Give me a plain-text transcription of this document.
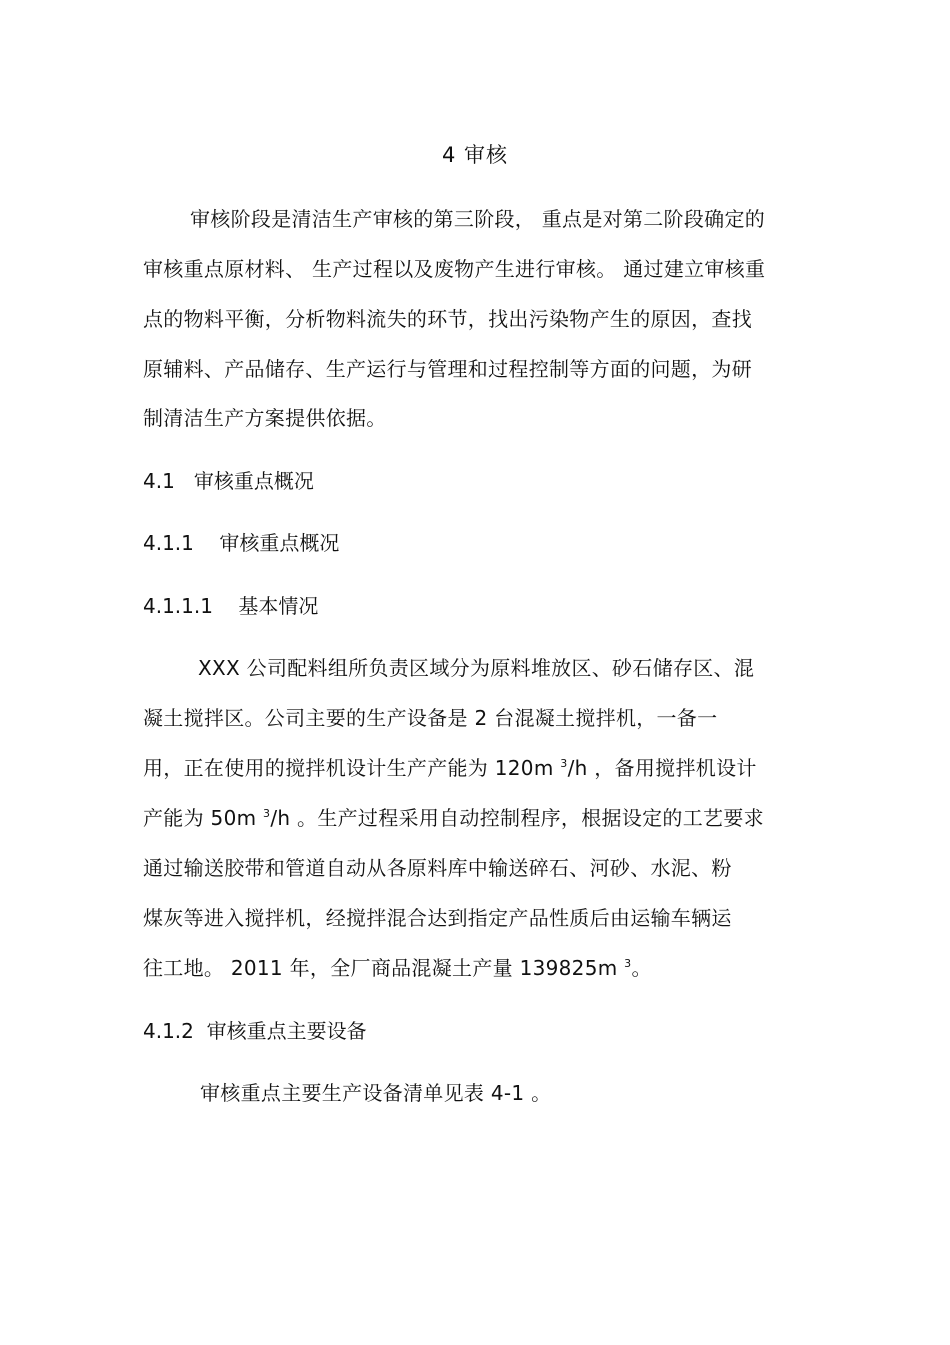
4 审核
审核阶段是清洁生产审核的第三阶段， 重点是对第二阶段确定的
审核重点原材料、 生产过程以及废物产生进行审核。 通过建立审核重
点的物料平衡，分析物料流失的环节，找出污染物产生的原因，查找
原辅料、产品储存、生产运行与管理和过程控制等方面的问题，为研
制清洁生产方案提供依据。
4.1 审核重点概况
4.1.1 审核重点概况
4.1.1.1 基本情况
XXX 公司配料组所负责区域分为原料堆放区、砂石储存区、混
凝土搅拌区。公司主要的生产设备是 2 台混凝土搅拌机，一备一
用，正在使用的搅拌机设计生产产能为 120m $^3$/h ，备用搅拌机设计
产能为 50m $^3$/h 。生产过程采用自动控制程序，根据设定的工艺要求
通过输送胶带和管道自动从各原料库中输送碎石、河砂、水泥、粉
煤灰等进入搅拌机，经搅拌混合达到指定产品性质后由运输车辆运
往工地。 2011 年，全厂商品混凝土产量 139825m $^3$。
4.1.2 审核重点主要设备
审核重点主要生产设备清单见表 4-1 。
